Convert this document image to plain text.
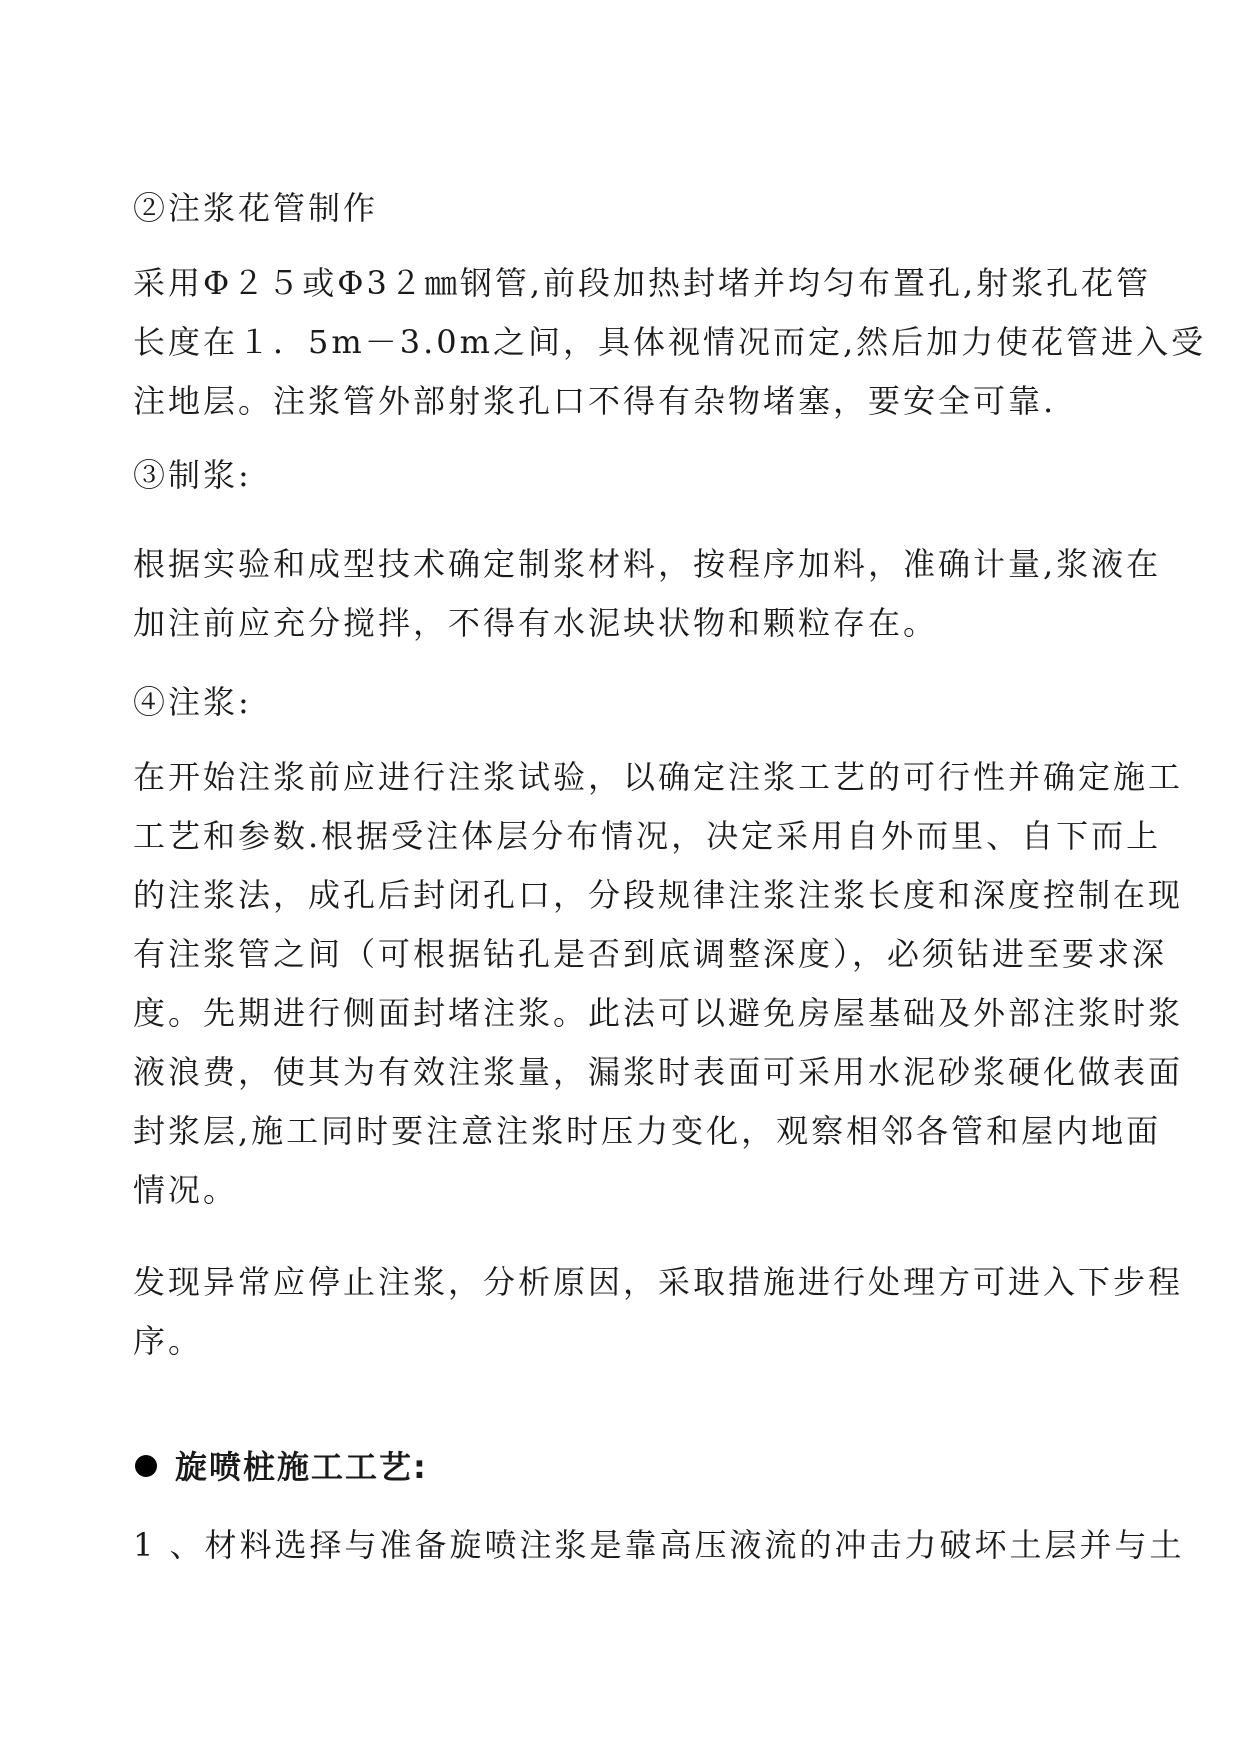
②注浆花管制作
采用Φ２５或Φ3２㎜钢管,前段加热封堵并均匀布置孔,射浆孔花管
长度在１．5m－3.0m之间，具体视情况而定,然后加力使花管进入受
注地层。注浆管外部射浆孔口不得有杂物堵塞，要安全可靠.
③制浆:
根据实验和成型技术确定制浆材料，按程序加料，准确计量,浆液在
加注前应充分搅拌，不得有水泥块状物和颗粒存在。
④注浆:
在开始注浆前应进行注浆试验，以确定注浆工艺的可行性并确定施工
工艺和参数.根据受注体层分布情况，决定采用自外而里、自下而上
的注浆法，成孔后封闭孔口，分段规律注浆注浆长度和深度控制在现
有注浆管之间（可根据钻孔是否到底调整深度），必须钻进至要求深
度。先期进行侧面封堵注浆。此法可以避免房屋基础及外部注浆时浆
液浪费，使其为有效注浆量，漏浆时表面可采用水泥砂浆硬化做表面
封浆层,施工同时要注意注浆时压力变化，观察相邻各管和屋内地面
情况。
发现异常应停止注浆，分析原因，采取措施进行处理方可进入下步程
序。
旋喷桩施工工艺:
1 、材料选择与准备旋喷注浆是靠高压液流的冲击力破坏土层并与土
